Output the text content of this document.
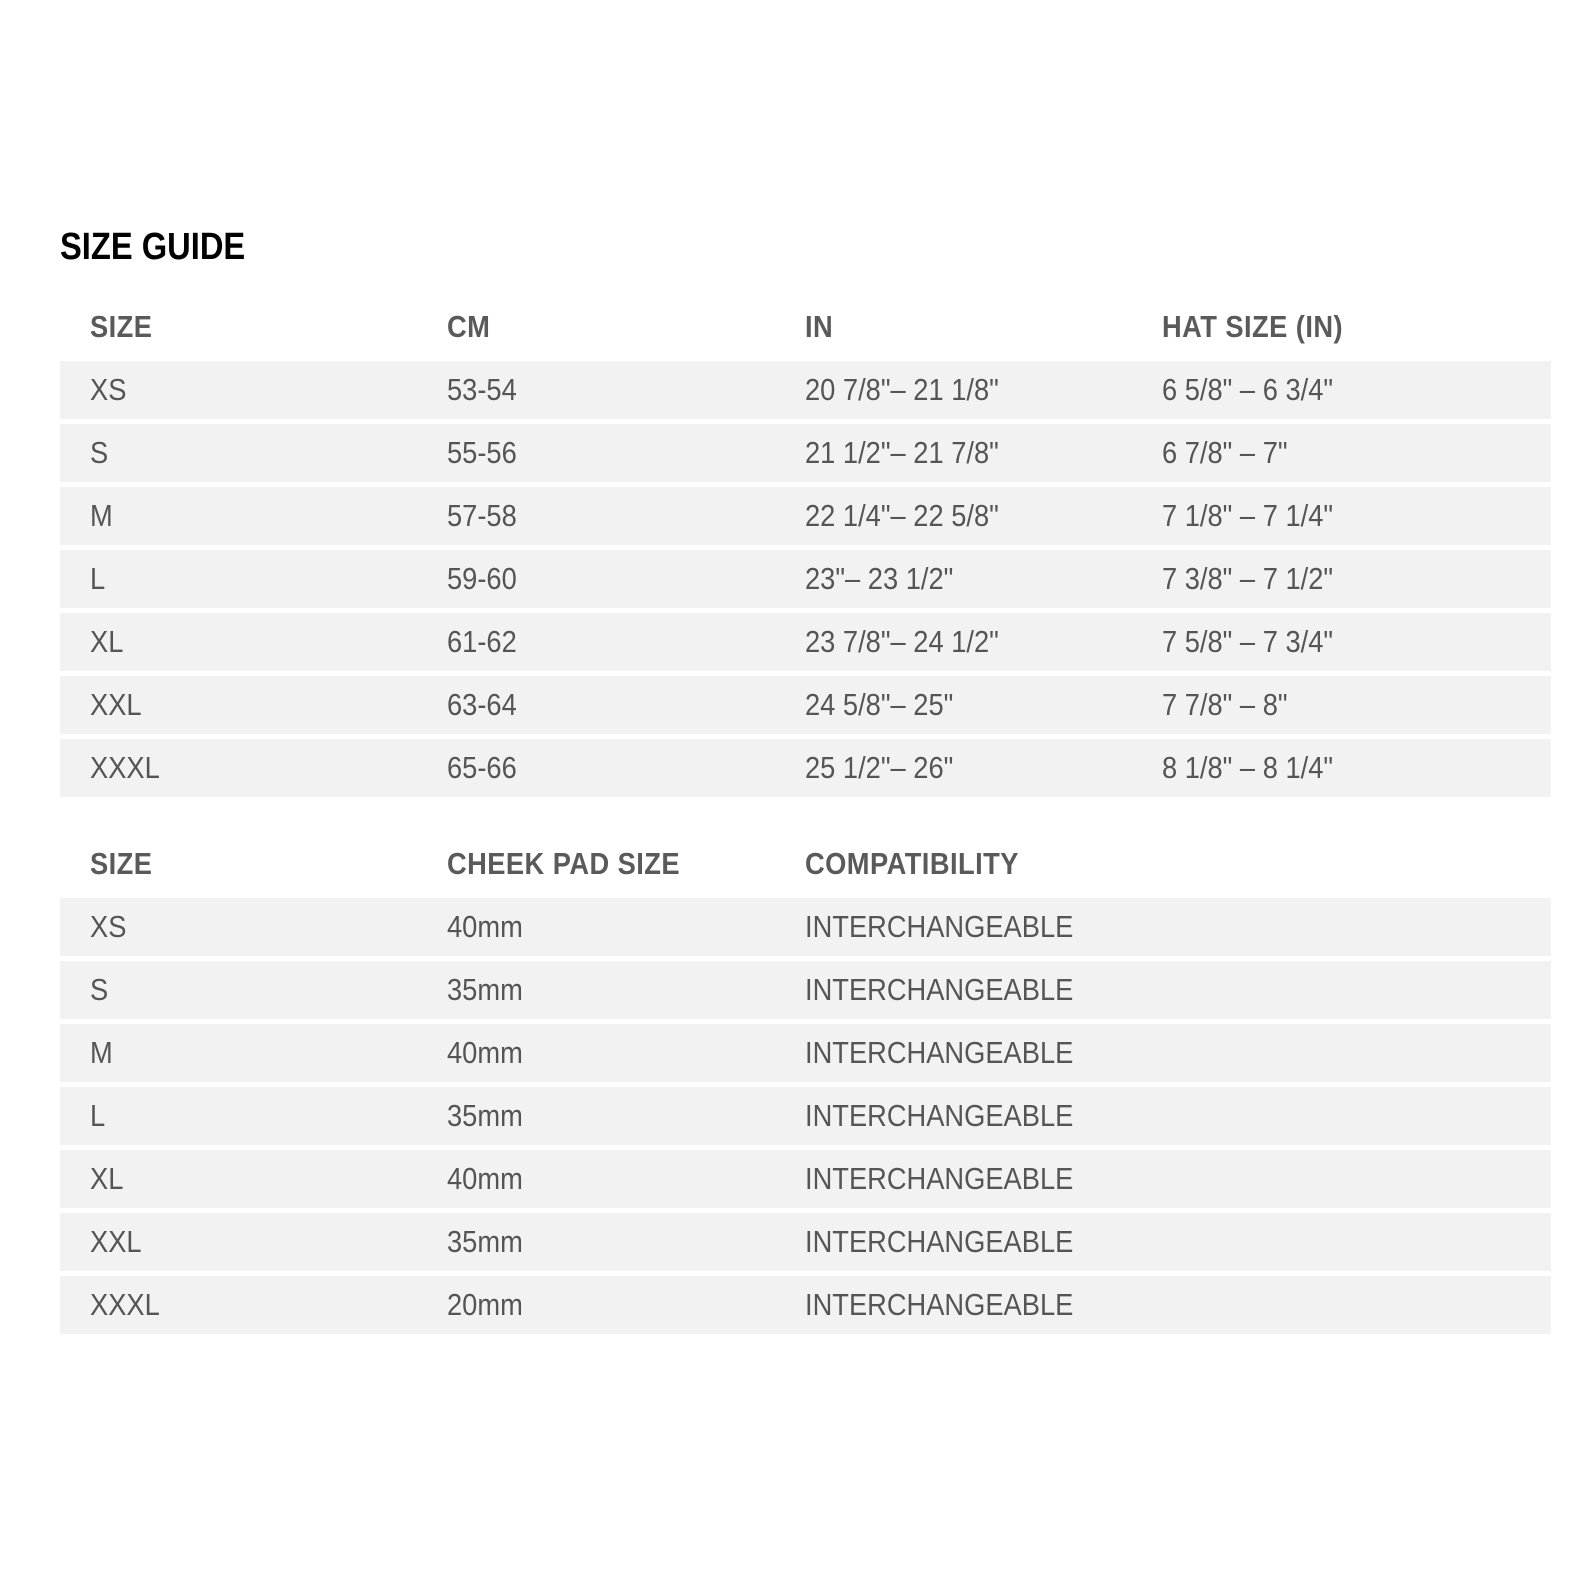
SIZE GUIDE
SIZE	CM	IN	HAT SIZE (IN)
XS	53-54	20 7/8"– 21 1/8"	6 5/8" – 6 3/4"
S	55-56	21 1/2"– 21 7/8"	6 7/8" – 7"
M	57-58	22 1/4"– 22 5/8"	7 1/8" – 7 1/4"
L	59-60	23"– 23 1/2"	7 3/8" – 7 1/2"
XL	61-62	23 7/8"– 24 1/2"	7 5/8" – 7 3/4"
XXL	63-64	24 5/8"– 25"	7 7/8" – 8"
XXXL	65-66	25 1/2"– 26"	8 1/8" – 8 1/4"
SIZE	CHEEK PAD SIZE	COMPATIBILITY	
XS	40mm	INTERCHANGEABLE	
S	35mm	INTERCHANGEABLE	
M	40mm	INTERCHANGEABLE	
L	35mm	INTERCHANGEABLE	
XL	40mm	INTERCHANGEABLE	
XXL	35mm	INTERCHANGEABLE	
XXXL	20mm	INTERCHANGEABLE	
